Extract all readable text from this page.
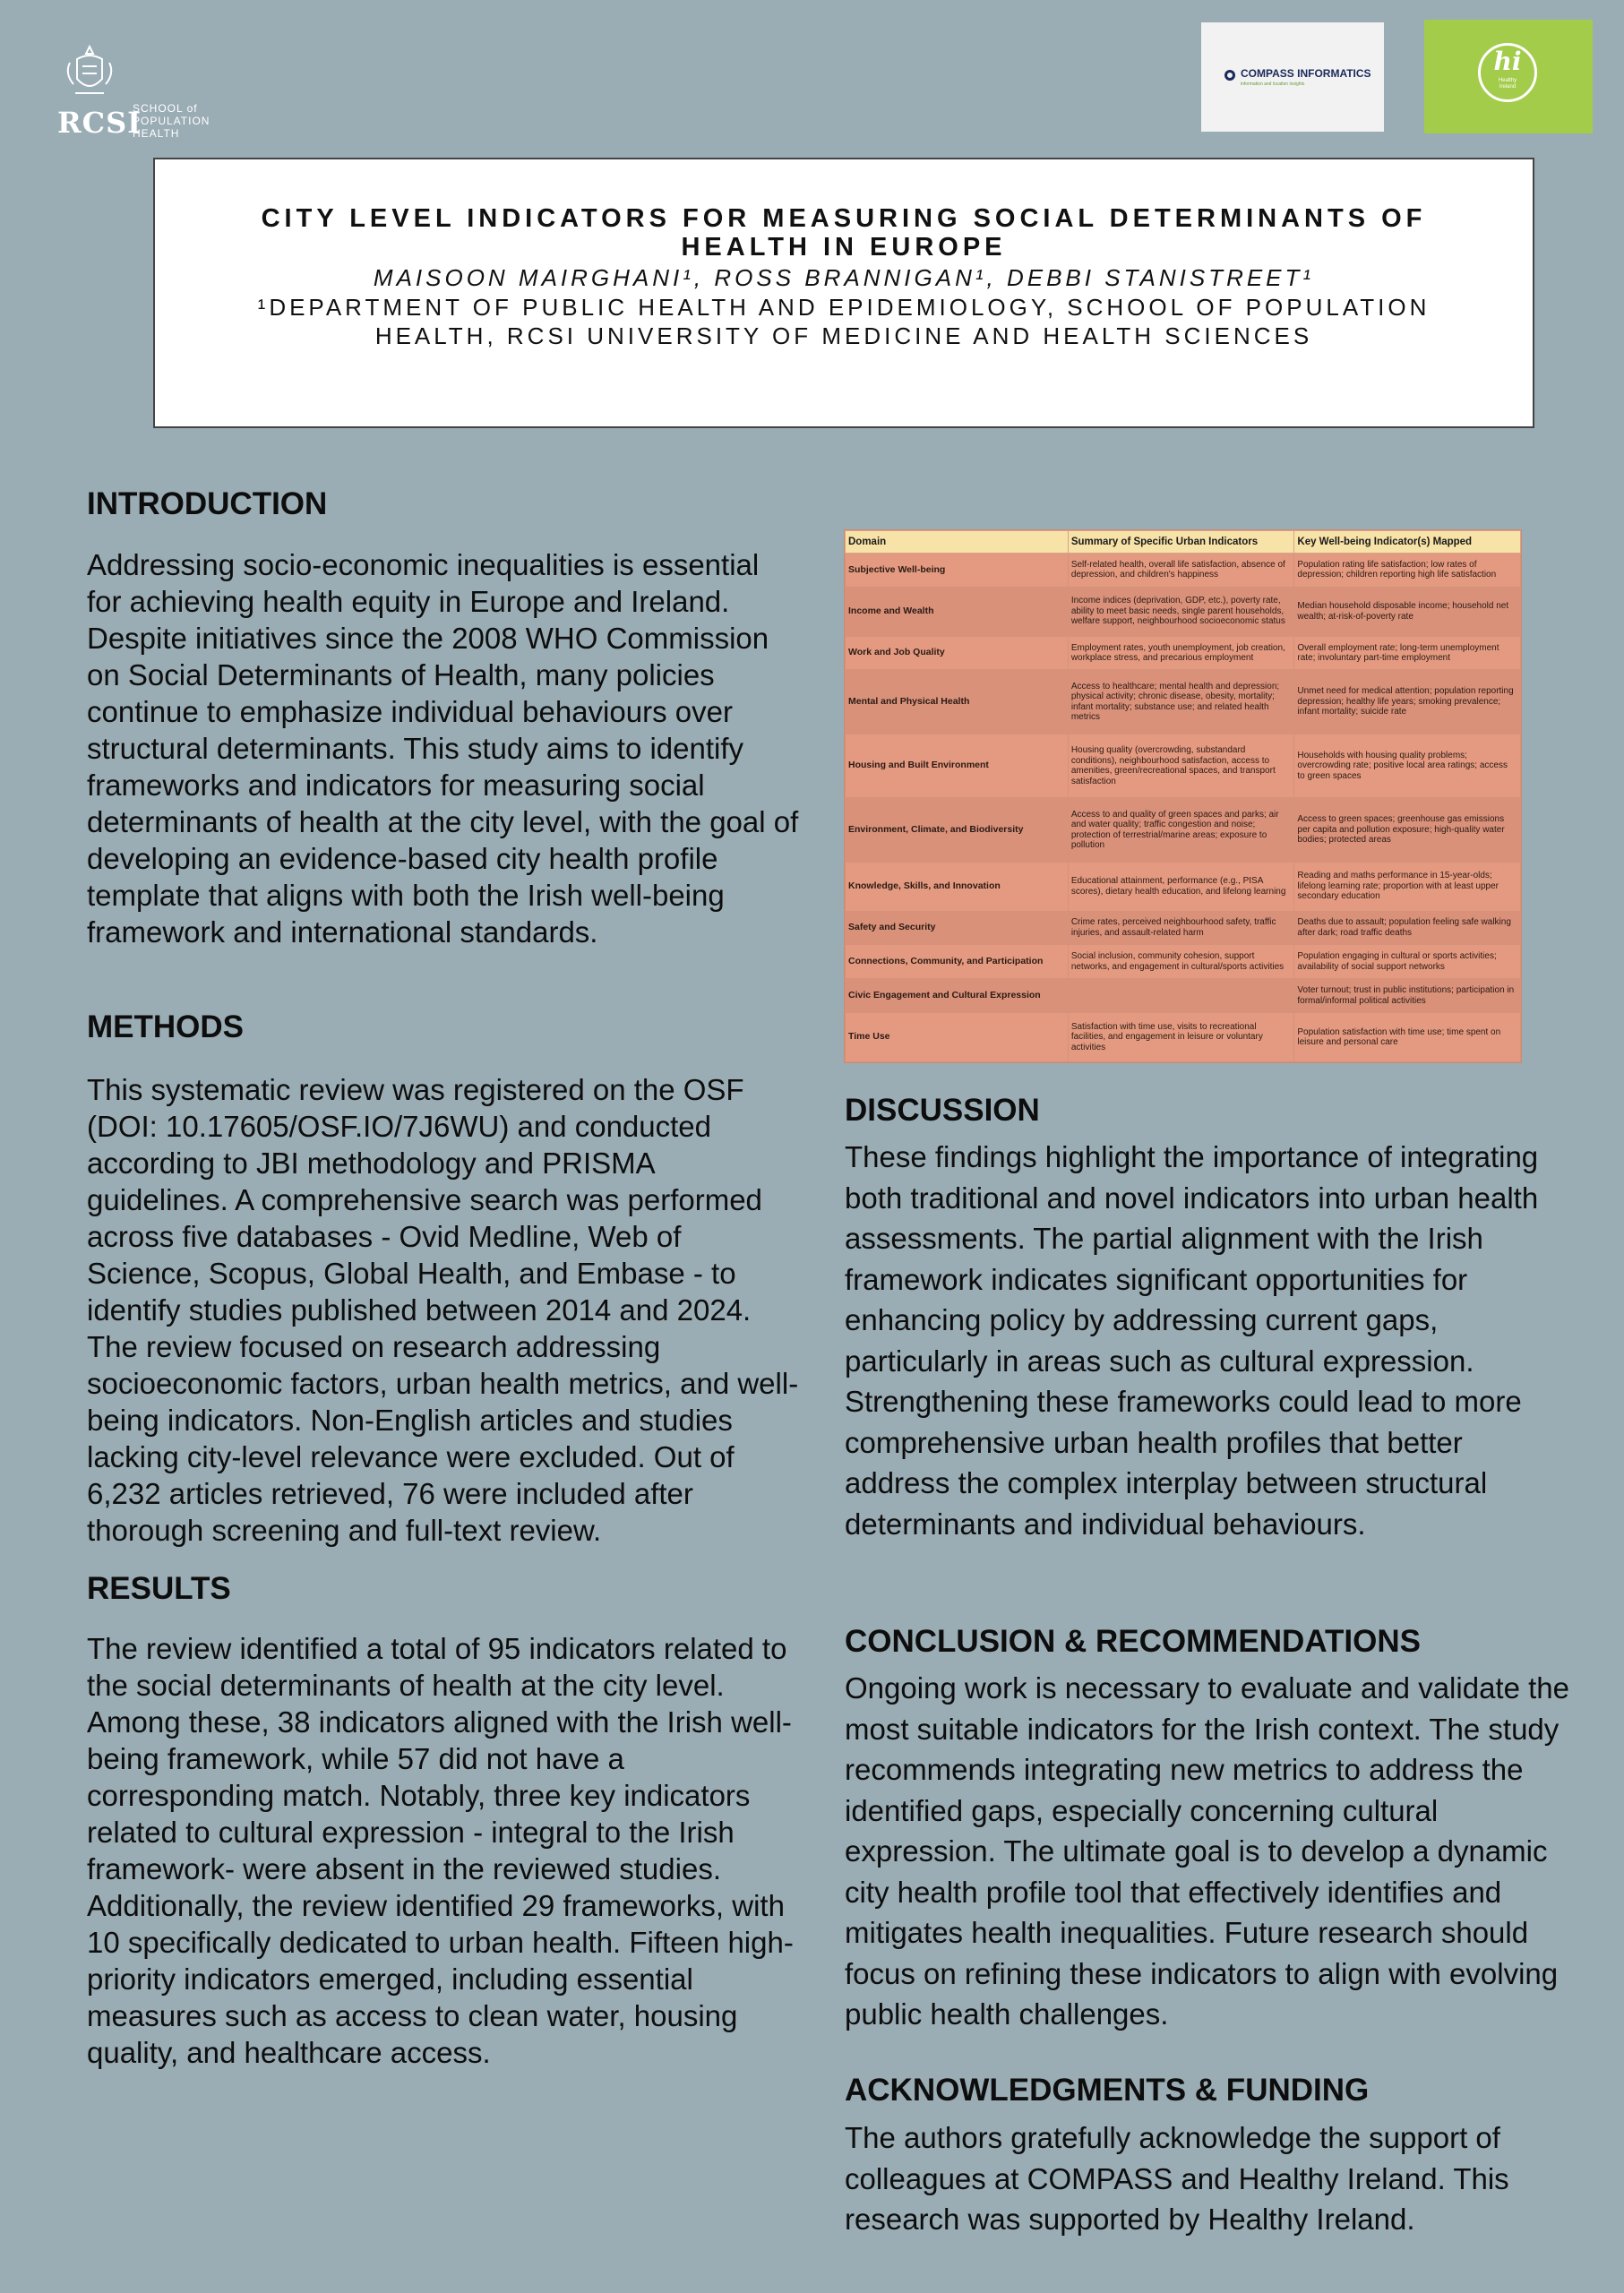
RCSI
SCHOOL of
POPULATION
HEALTH
COMPASS INFORMATICS
information and location insights
hi
Healthy
Ireland
CITY LEVEL INDICATORS FOR MEASURING SOCIAL DETERMINANTS OF
HEALTH IN EUROPE
MAISOON MAIRGHANI¹, ROSS BRANNIGAN¹, DEBBI STANISTREET¹
¹DEPARTMENT OF PUBLIC HEALTH AND EPIDEMIOLOGY, SCHOOL OF POPULATION
HEALTH, RCSI UNIVERSITY OF MEDICINE AND HEALTH SCIENCES
INTRODUCTION

Addressing socio-economic inequalities is essential for achieving health equity in Europe and Ireland. Despite initiatives since the 2008 WHO Commission on Social Determinants of Health, many policies continue to emphasize individual behaviours over structural determinants. This study aims to identify frameworks and indicators for measuring social determinants of health at the city level, with the goal of developing an evidence-based city health profile template that aligns with both the Irish well-being framework and international standards.

METHODS

This systematic review was registered on the OSF (DOI: 10.17605/OSF.IO/7J6WU) and conducted according to JBI methodology and PRISMA guidelines. A comprehensive search was performed across five databases - Ovid Medline, Web of Science, Scopus, Global Health, and Embase - to identify studies published between 2014 and 2024. The review focused on research addressing socioeconomic factors, urban health metrics, and well-being indicators. Non-English articles and studies lacking city-level relevance were excluded. Out of 6,232 articles retrieved, 76 were included after thorough screening and full-text review.

RESULTS

The review identified a total of 95 indicators related to the social determinants of health at the city level. Among these, 38 indicators aligned with the Irish well-being framework, while 57 did not have a corresponding match. Notably, three key indicators related to cultural expression - integral to the Irish framework- were absent in the reviewed studies. Additionally, the review identified 29 frameworks, with 10 specifically dedicated to urban health. Fifteen high-priority indicators emerged, including essential measures such as access to clean water, housing quality, and healthcare access.

Domain	Summary of Specific Urban Indicators	Key Well-being Indicator(s) Mapped
Subjective Well-being	Self-related health, overall life satisfaction, absence of depression, and children's happiness	Population rating life satisfaction; low rates of depression; children reporting high life satisfaction
Income and Wealth	Income indices (deprivation, GDP, etc.), poverty rate, ability to meet basic needs, single parent households, welfare support, neighbourhood socioeconomic status	Median household disposable income; household net wealth; at-risk-of-poverty rate
Work and Job Quality	Employment rates, youth unemployment, job creation, workplace stress, and precarious employment	Overall employment rate; long-term unemployment rate; involuntary part-time employment
Mental and Physical Health	Access to healthcare; mental health and depression; physical activity; chronic disease, obesity, mortality; infant mortality; substance use; and related health metrics	Unmet need for medical attention; population reporting depression; healthy life years; smoking prevalence; infant mortality; suicide rate
Housing and Built Environment	Housing quality (overcrowding, substandard conditions), neighbourhood satisfaction, access to amenities, green/recreational spaces, and transport satisfaction	Households with housing quality problems; overcrowding rate; positive local area ratings; access to green spaces
Environment, Climate, and Biodiversity	Access to and quality of green spaces and parks; air and water quality; traffic congestion and noise; protection of terrestrial/marine areas; exposure to pollution	Access to green spaces; greenhouse gas emissions per capita and pollution exposure; high-quality water bodies; protected areas
Knowledge, Skills, and Innovation	Educational attainment, performance (e.g., PISA scores), dietary health education, and lifelong learning	Reading and maths performance in 15-year-olds; lifelong learning rate; proportion with at least upper secondary education
Safety and Security	Crime rates, perceived neighbourhood safety, traffic injuries, and assault-related harm	Deaths due to assault; population feeling safe walking after dark; road traffic deaths
Connections, Community, and Participation	Social inclusion, community cohesion, support networks, and engagement in cultural/sports activities	Population engaging in cultural or sports activities; availability of social support networks
Civic Engagement and Cultural Expression		Voter turnout; trust in public institutions; participation in formal/informal political activities
Time Use	Satisfaction with time use, visits to recreational facilities, and engagement in leisure or voluntary activities	Population satisfaction with time use; time spent on leisure and personal care
DISCUSSION

These findings highlight the importance of integrating both traditional and novel indicators into urban health assessments. The partial alignment with the Irish framework indicates significant opportunities for enhancing policy by addressing current gaps, particularly in areas such as cultural expression. Strengthening these frameworks could lead to more comprehensive urban health profiles that better address the complex interplay between structural determinants and individual behaviours.

CONCLUSION & RECOMMENDATIONS

Ongoing work is necessary to evaluate and validate the most suitable indicators for the Irish context. The study recommends integrating new metrics to address the identified gaps, especially concerning cultural expression. The ultimate goal is to develop a dynamic city health profile tool that effectively identifies and mitigates health inequalities. Future research should focus on refining these indicators to align with evolving public health challenges.

ACKNOWLEDGMENTS & FUNDING

The authors gratefully acknowledge the support of colleagues at COMPASS and Healthy Ireland. This research was supported by Healthy Ireland.
